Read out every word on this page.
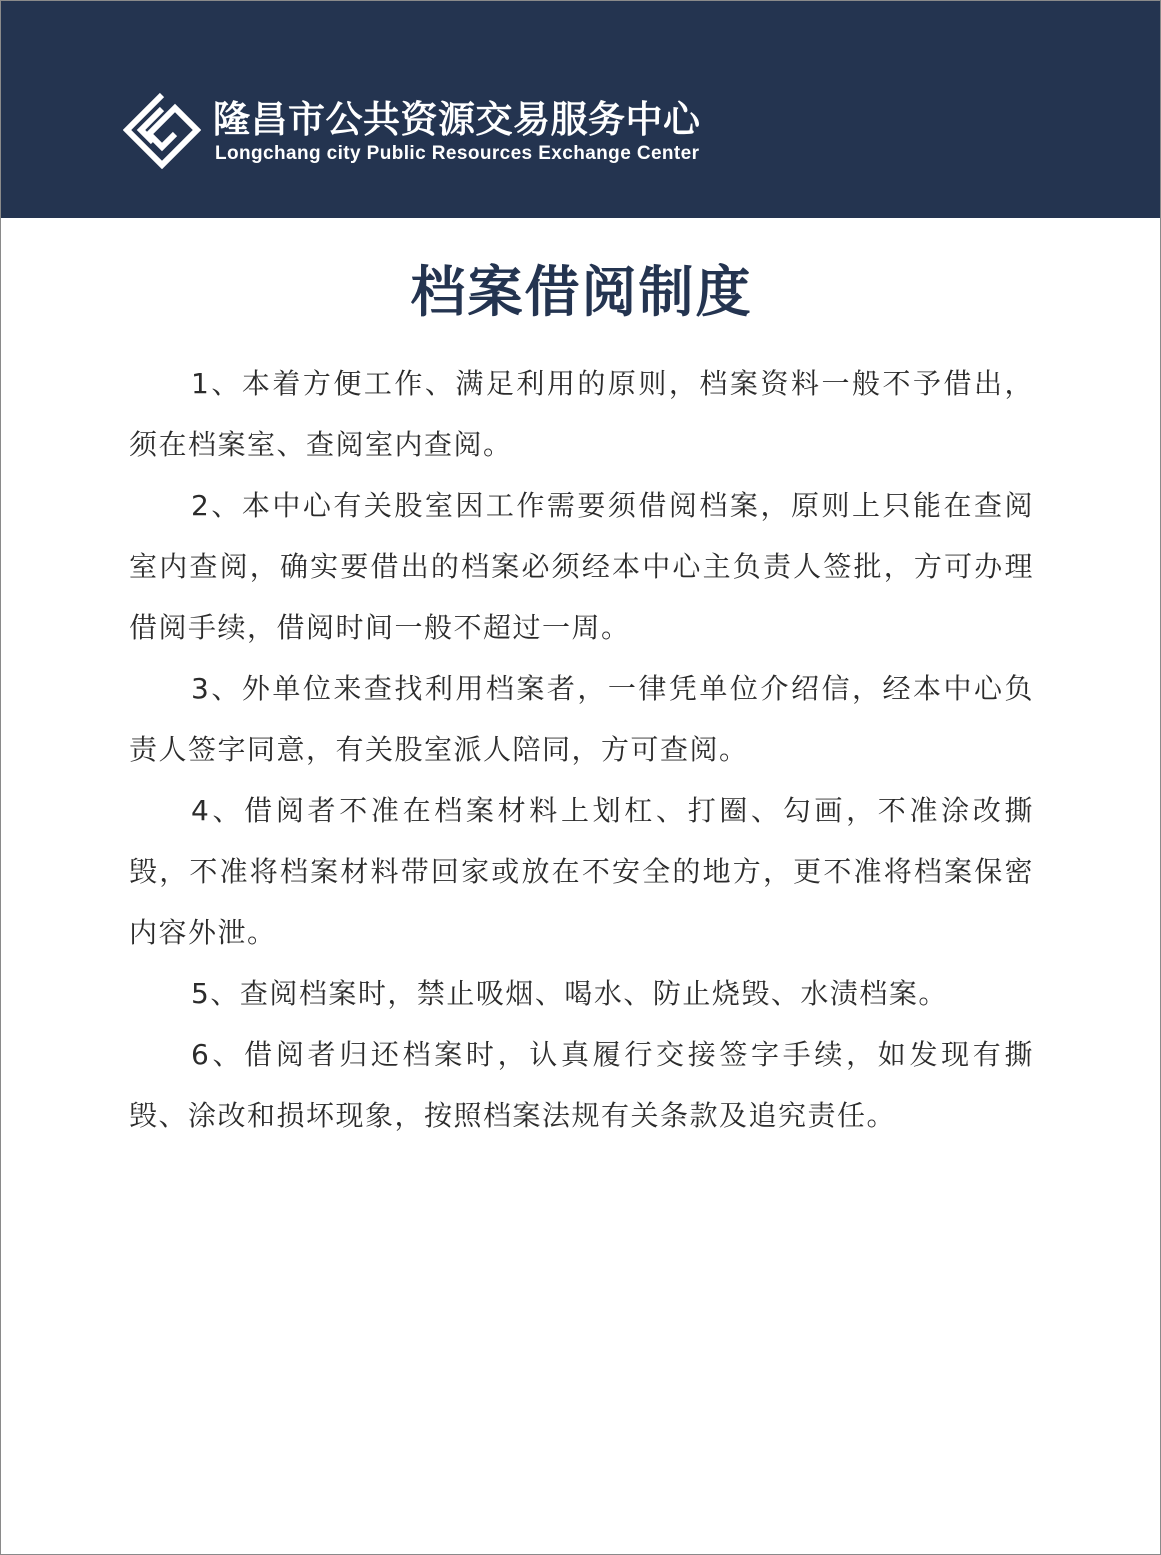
隆昌市公共资源交易服务中心
Longchang city Public Resources Exchange Center
档案借阅制度

1、本着方便工作、满足利用的原则，档案资料一般不予借出，须在档案室、查阅室内查阅。

2、本中心有关股室因工作需要须借阅档案，原则上只能在查阅室内查阅，确实要借出的档案必须经本中心主负责人签批，方可办理借阅手续，借阅时间一般不超过一周。

3、外单位来查找利用档案者，一律凭单位介绍信，经本中心负责人签字同意，有关股室派人陪同，方可查阅。

4、借阅者不准在档案材料上划杠、打圈、勾画，不准涂改撕毁，不准将档案材料带回家或放在不安全的地方，更不准将档案保密内容外泄。

5、查阅档案时，禁止吸烟、喝水、防止烧毁、水渍档案。

6、借阅者归还档案时，认真履行交接签字手续，如发现有撕毁、涂改和损坏现象，按照档案法规有关条款及追究责任。
